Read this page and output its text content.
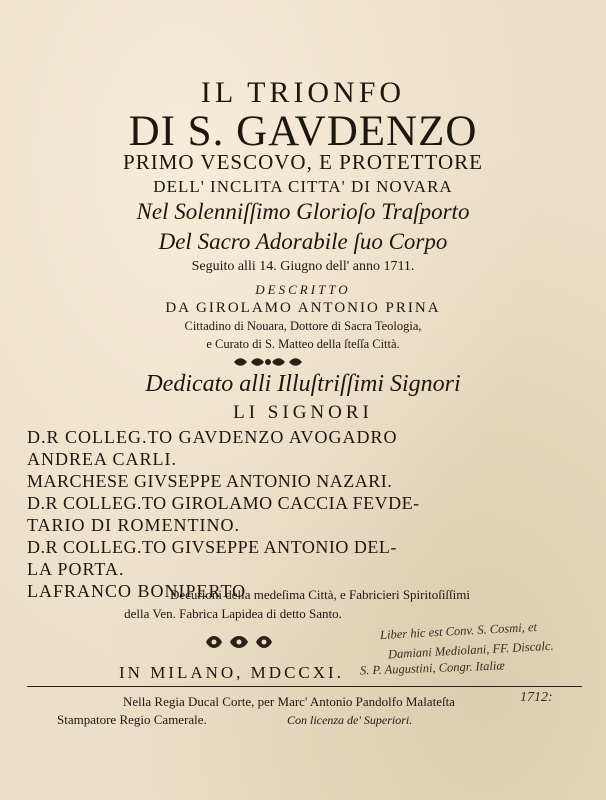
IL TRIONFO
DI S. GAVDENZO
PRIMO VESCOVO, E PROTETTORE
DELL' INCLITA CITTA' DI NOVARA
Nel Solenniſſimo Glorioſo Traſporto
Del Sacro Adorabile ſuo Corpo
Seguito alli 14. Giugno dell' anno 1711.
DESCRITTO
DA GIROLAMO ANTONIO PRINA
Cittadino di Nouara, Dottore di Sacra Teologia,
e Curato di S. Matteo della ſteſſa Città.
Dedicato alli Illuſtriſſimi Signori
LI SIGNORI
D.R COLLEG.TO GAVDENZO AVOGADRO
ANDREA CARLI.
MARCHESE GIVSEPPE ANTONIO NAZARI.
D.R COLLEG.TO GIROLAMO CACCIA FEVDE-
TARIO DI ROMENTINO.
D.R COLLEG.TO GIVSEPPE ANTONIO DEL-
LA PORTA.
LAFRANCO BONIPERTO
Decurioni della medeſima Città, e Fabricieri Spiritoſiſſimi
della Ven. Fabrica Lapidea di detto Santo.
Liber hic est Conv. S. Cosmi, et
Damiani Mediolani, FF. Discalc.
S. P. Augustini, Congr. Italiæ
1712:
IN MILANO, MDCCXI.
Nella Regia Ducal Corte, per Marc' Antonio Pandolfo Malateſta
Stampatore Regio Camerale.	Con licenza de' Superiori.
